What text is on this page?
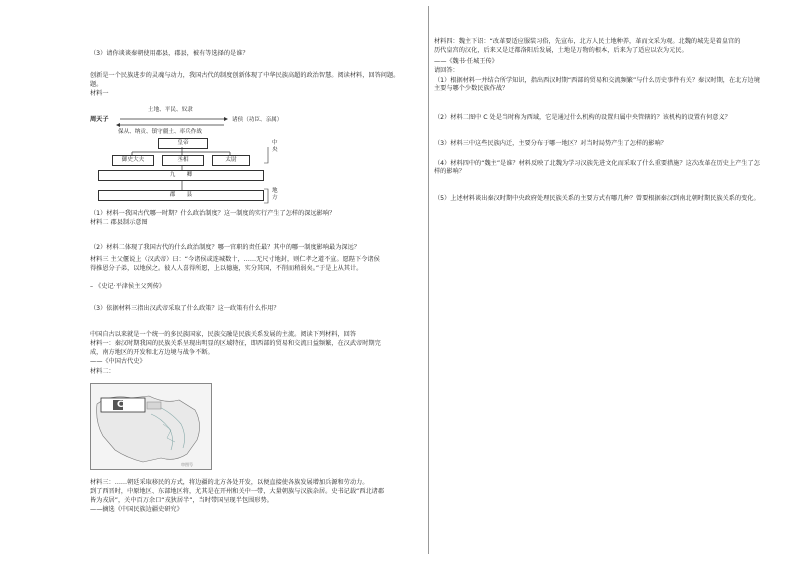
（3）请你谈谈秦朝使用郡县，郡县，被有等选择的是谁？
创新是一个民族进步的灵魂与动力，我国古代的制度创新体现了中华民族高超的政治智慧。阅读材料，回答问题。
题。
材料一
土地、平民、奴隶
周天子	诸侯（功臣、亲属）
保从、纳贡、镇守疆土、率兵作战
皇帝
御史大夫	丞相	太尉
九　　卿
郡　　县
中央
地方
（1）材料一我国古代哪一时期？什么政治制度？这一制度的实行产生了怎样的深远影响？
材料二 郡县制示意图
（2）材料二体现了我国古代的什么政治制度？哪一官职的责任最？其中的哪一制度影响最为深远？
材料三 主父偃说上（汉武帝）曰：“今诸侯或连城数十，……无尺寸地封，则仁孝之道不宣。愿陛下令诸侯
得推恩分子弟，以地侯之。彼人人喜得所愿，上以德施，实分其国，不削而稍弱矣。”于是上从其计。
– 《史记·平津侯主父列传》
（3）依据材料三指出汉武帝采取了什么政策？这一政策有什么作用？
中国自古以来就是一个统一的多民族国家，民族交融是民族关系发展的主流。阅读下列材料，回答
材料一：秦汉时期我国的民族关系呈现出明显的区域特征，即西部的贸易和交流日益频繁，在汉武帝时期完
成，南方地区的开发和北方边境与战争不断。
——《中国古代史》
材料二：
C
审图号
材料三：……朝廷采取移民的方式，将边疆的北方各处开发，以便直接使各族发展增加兵源和劳动力。
到了西晋时，中原地区、东部地区将，尤其是在开州和关中一带，大量朝族与汉族杂居。史书记载“西北诸郡
皆为戎居”，关中百万余口“戎狄居半”，当时带国呈现半包围形势。
——摘选《中国民族边疆史研究》
材料四：魏主下诏：“改革要适应服装习俗，先宣布，北方人民土地种养，革而文采为观。北魏的城先是着皇宫的
历代皇宫的汉化，后来又是迁都洛阳后发展，土地是万物的根本，后来为了适应以农为元民。
——《魏书·任城王传》
请回答：
（1）根据材料一并结合所学知识，指出西汉时期“西部的贸易和交流频繁”与什么历史事件有关？秦汉时期，在北方边境主要与哪个少数民族作战？
（2）材料二图中 C 处是当时称为西域，它是通过什么机构的设置归属中央管辖的？该机构的设置有何意义？
（3）材料三中这些民族内迁，主要分布于哪一地区？对当时局势产生了怎样的影响？
（4）材料四中的“魏主”是谁？材料反映了北魏为学习汉族先进文化而采取了什么重要措施？这次改革在历史上产生了怎样的影响？
（5）上述材料谈出秦汉时期中央政府处理民族关系的主要方式有哪几种？曾要根据秦汉到南北朝时期民族关系的变化。
